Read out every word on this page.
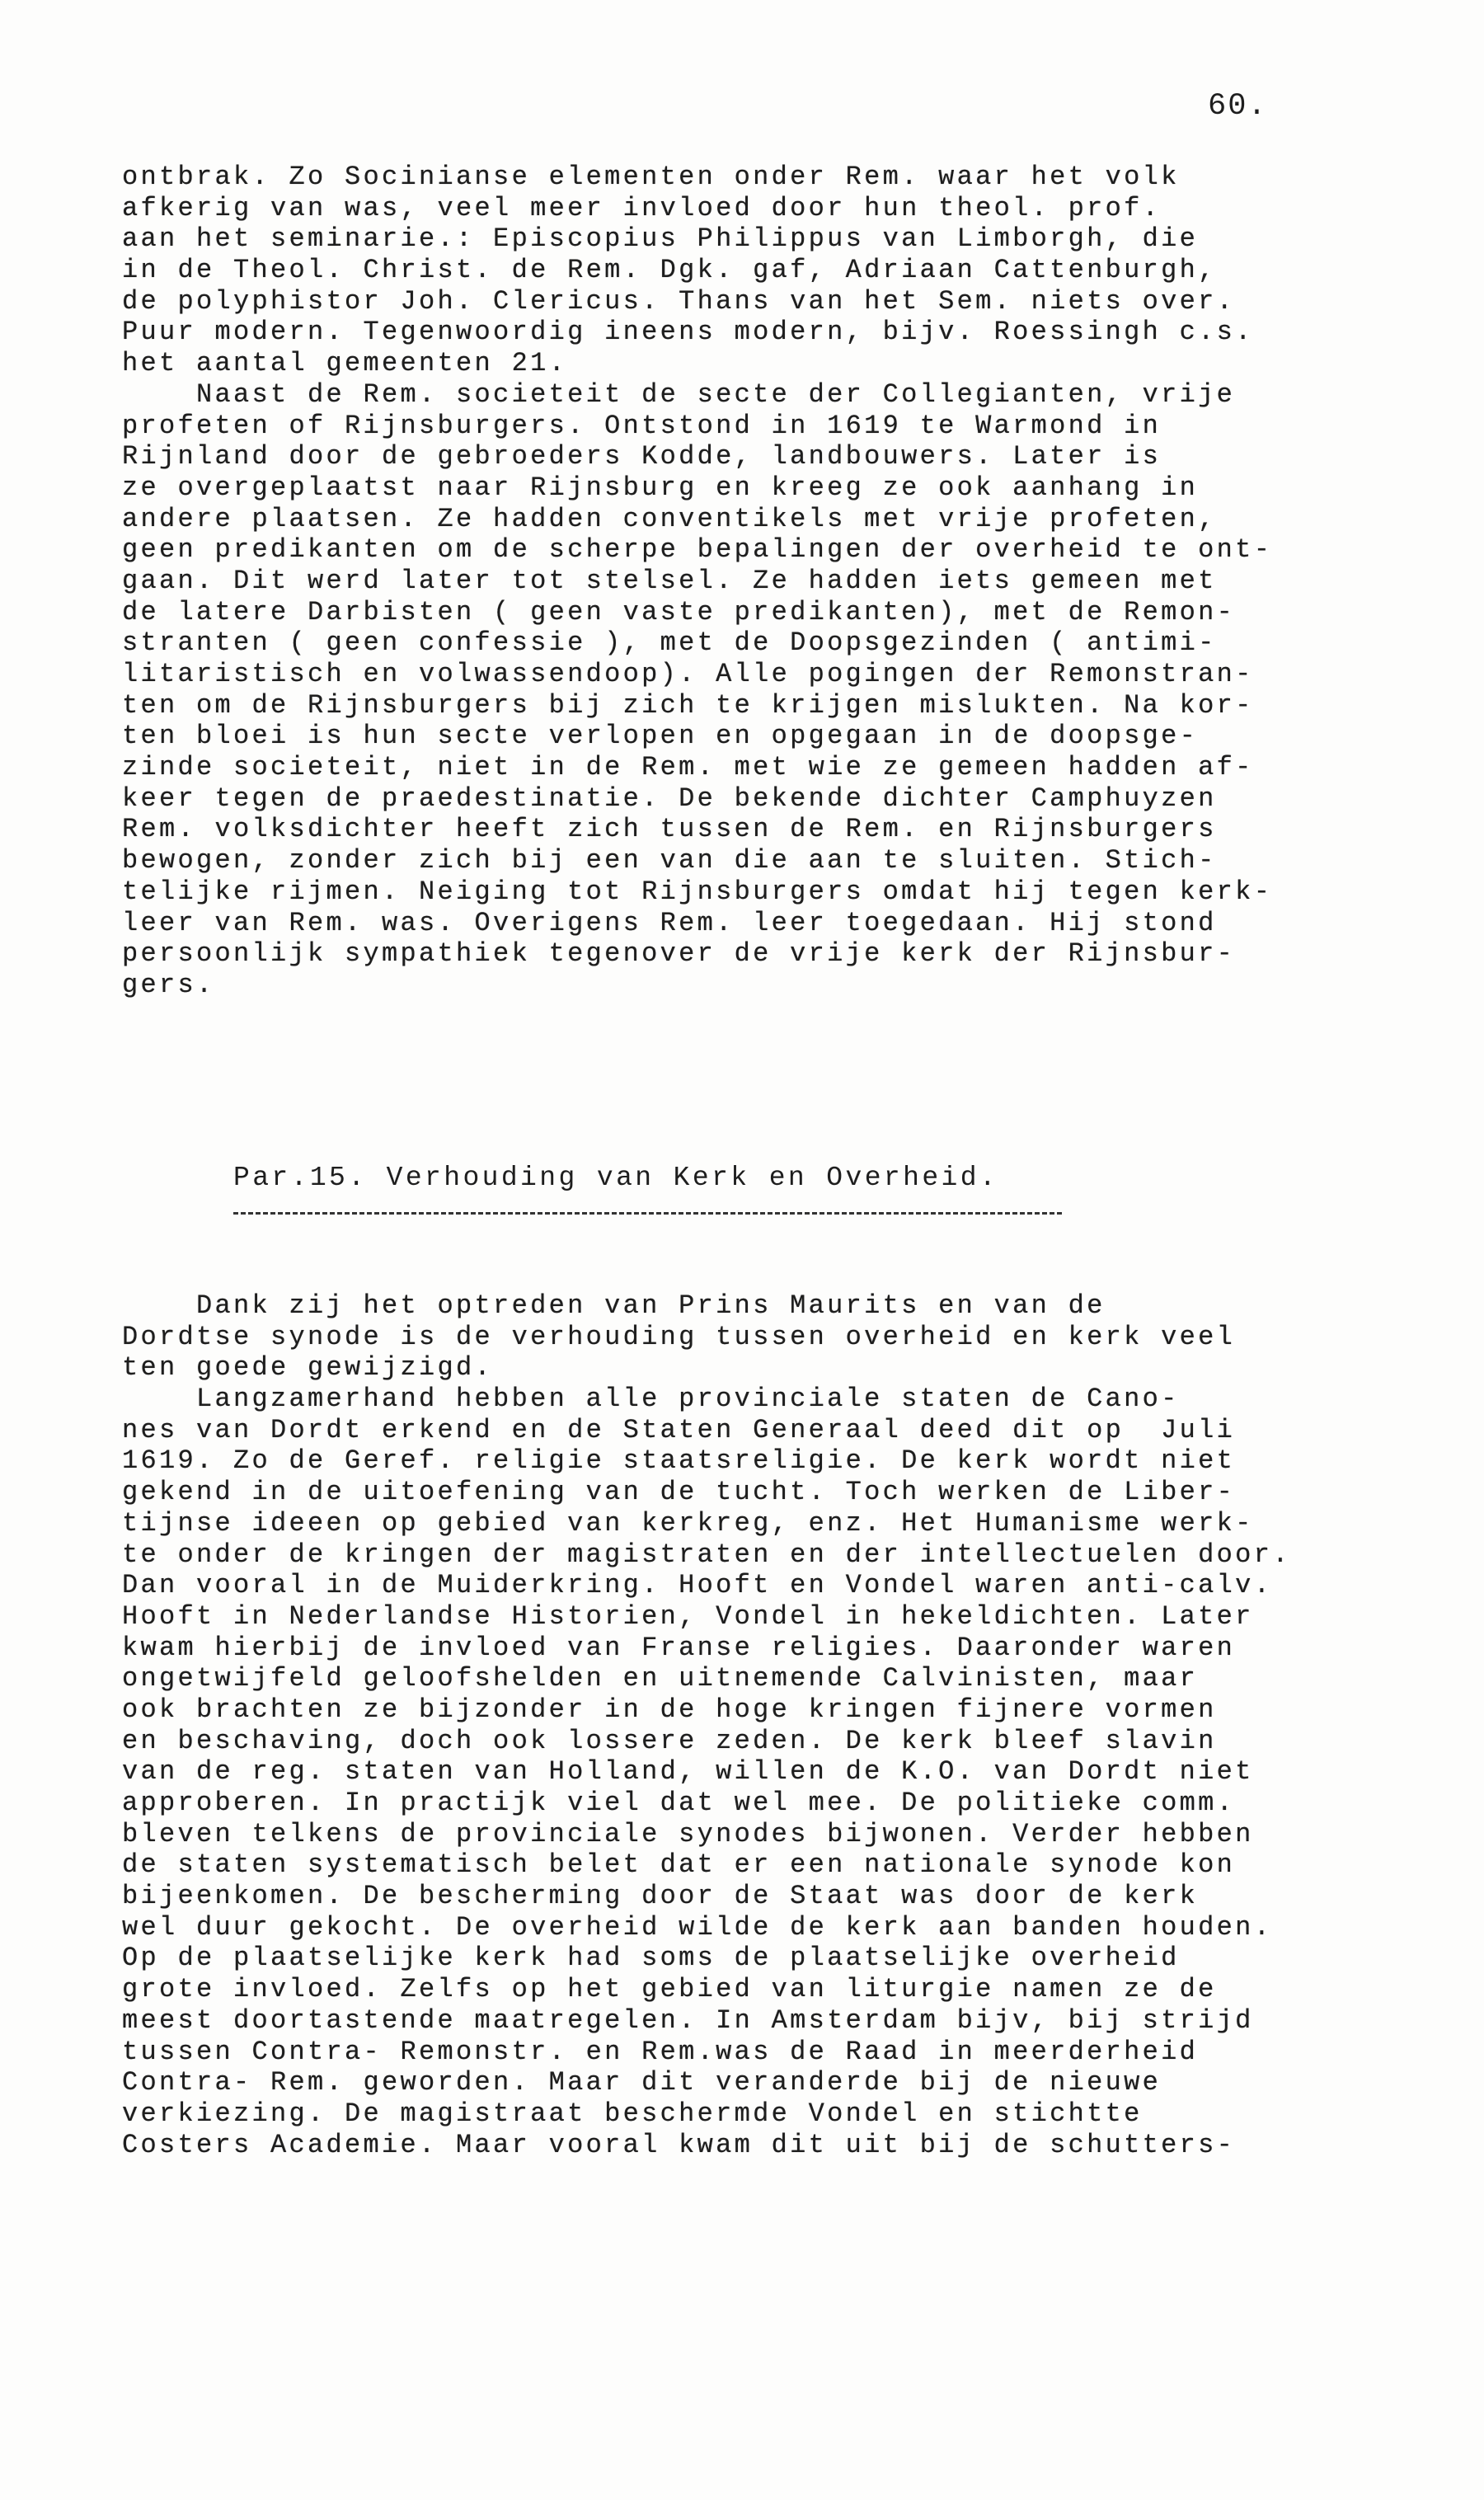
60.
ontbrak. Zo Socinianse elementen onder Rem. waar het volk
afkerig van was, veel meer invloed door hun theol. prof.
aan het seminarie.: Episcopius Philippus van Limborgh, die
in de Theol. Christ. de Rem. Dgk. gaf, Adriaan Cattenburgh,
de polyphistor Joh. Clericus. Thans van het Sem. niets over.
Puur modern. Tegenwoordig ineens modern, bijv. Roessingh c.s.
het aantal gemeenten 21.
Naast de Rem. societeit de secte der Collegianten, vrije
profeten of Rijnsburgers. Ontstond in 1619 te Warmond in
Rijnland door de gebroeders Kodde, landbouwers. Later is
ze overgeplaatst naar Rijnsburg en kreeg ze ook aanhang in
andere plaatsen. Ze hadden conventikels met vrije profeten,
geen predikanten om de scherpe bepalingen der overheid te ont-
gaan. Dit werd later tot stelsel. Ze hadden iets gemeen met
de latere Darbisten ( geen vaste predikanten), met de Remon-
stranten ( geen confessie ), met de Doopsgezinden ( antimi-
litaristisch en volwassendoop). Alle pogingen der Remonstran-
ten om de Rijnsburgers bij zich te krijgen mislukten. Na kor-
ten bloei is hun secte verlopen en opgegaan in de doopsge-
zinde societeit, niet in de Rem. met wie ze gemeen hadden af-
keer tegen de praedestinatie. De bekende dichter Camphuyzen
Rem. volksdichter heeft zich tussen de Rem. en Rijnsburgers
bewogen, zonder zich bij een van die aan te sluiten. Stich-
telijke rijmen. Neiging tot Rijnsburgers omdat hij tegen kerk-
leer van Rem. was. Overigens Rem. leer toegedaan. Hij stond
persoonlijk sympathiek tegenover de vrije kerk der Rijnsbur-
gers.
Par.15. Verhouding van Kerk en Overheid.
Dank zij het optreden van Prins Maurits en van de
Dordtse synode is de verhouding tussen overheid en kerk veel
ten goede gewijzigd.
Langzamerhand hebben alle provinciale staten de Cano-
nes van Dordt erkend en de Staten Generaal deed dit op  Juli
1619. Zo de Geref. religie staatsreligie. De kerk wordt niet
gekend in de uitoefening van de tucht. Toch werken de Liber-
tijnse ideeen op gebied van kerkreg, enz. Het Humanisme werk-
te onder de kringen der magistraten en der intellectuelen door.
Dan vooral in de Muiderkring. Hooft en Vondel waren anti-calv.
Hooft in Nederlandse Historien, Vondel in hekeldichten. Later
kwam hierbij de invloed van Franse religies. Daaronder waren
ongetwijfeld geloofshelden en uitnemende Calvinisten, maar
ook brachten ze bijzonder in de hoge kringen fijnere vormen
en beschaving, doch ook lossere zeden. De kerk bleef slavin
van de reg. staten van Holland, willen de K.O. van Dordt niet
approberen. In practijk viel dat wel mee. De politieke comm.
bleven telkens de provinciale synodes bijwonen. Verder hebben
de staten systematisch belet dat er een nationale synode kon
bijeenkomen. De bescherming door de Staat was door de kerk
wel duur gekocht. De overheid wilde de kerk aan banden houden.
Op de plaatselijke kerk had soms de plaatselijke overheid
grote invloed. Zelfs op het gebied van liturgie namen ze de
meest doortastende maatregelen. In Amsterdam bijv, bij strijd
tussen Contra- Remonstr. en Rem.was de Raad in meerderheid
Contra- Rem. geworden. Maar dit veranderde bij de nieuwe
verkiezing. De magistraat beschermde Vondel en stichtte
Costers Academie. Maar vooral kwam dit uit bij de schutters-
